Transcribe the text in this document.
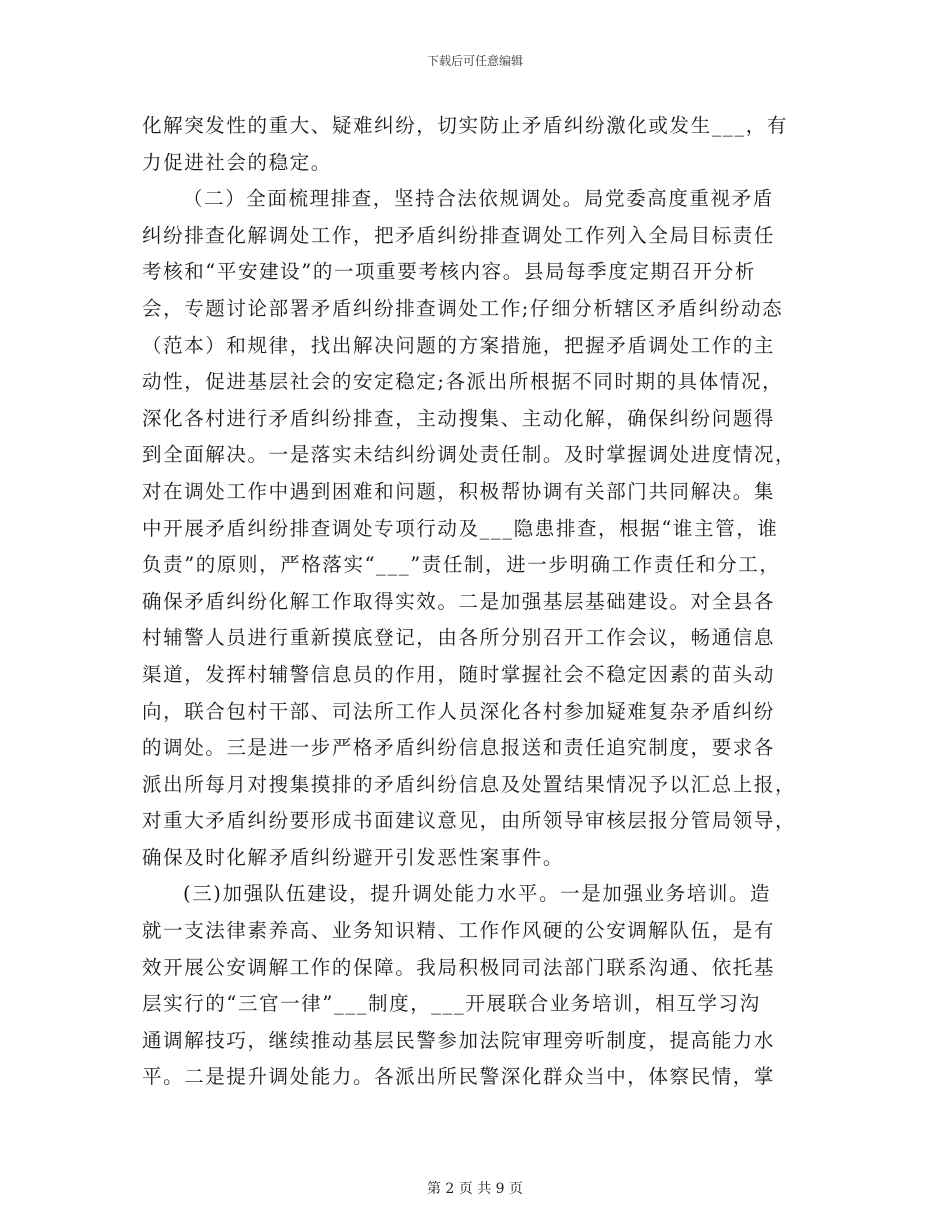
下载后可任意编辑
化解突发性的重大、疑难纠纷，切实防止矛盾纠纷激化或发生___，有
力促进社会的稳定。
（二）全面梳理排查，坚持合法依规调处。局党委高度重视矛盾
纠纷排查化解调处工作，把矛盾纠纷排查调处工作列入全局目标责任
考核和“平安建设”的一项重要考核内容。县局每季度定期召开分析
会，专题讨论部署矛盾纠纷排查调处工作;仔细分析辖区矛盾纠纷动态
（范本）和规律，找出解决问题的方案措施，把握矛盾调处工作的主
动性，促进基层社会的安定稳定;各派出所根据不同时期的具体情况，
深化各村进行矛盾纠纷排查，主动搜集、主动化解，确保纠纷问题得
到全面解决。一是落实未结纠纷调处责任制。及时掌握调处进度情况，
对在调处工作中遇到困难和问题，积极帮协调有关部门共同解决。集
中开展矛盾纠纷排查调处专项行动及___隐患排查，根据“谁主管，谁
负责”的原则，严格落实“___”责任制，进一步明确工作责任和分工，
确保矛盾纠纷化解工作取得实效。二是加强基层基础建设。对全县各
村辅警人员进行重新摸底登记，由各所分别召开工作会议，畅通信息
渠道，发挥村辅警信息员的作用，随时掌握社会不稳定因素的苗头动
向，联合包村干部、司法所工作人员深化各村参加疑难复杂矛盾纠纷
的调处。三是进一步严格矛盾纠纷信息报送和责任追究制度，要求各
派出所每月对搜集摸排的矛盾纠纷信息及处置结果情况予以汇总上报，
对重大矛盾纠纷要形成书面建议意见，由所领导审核层报分管局领导，
确保及时化解矛盾纠纷避开引发恶性案事件。
(三)加强队伍建设，提升调处能力水平。一是加强业务培训。造
就一支法律素养高、业务知识精、工作作风硬的公安调解队伍，是有
效开展公安调解工作的保障。我局积极同司法部门联系沟通、依托基
层实行的“三官一律”___制度，___开展联合业务培训，相互学习沟
通调解技巧，继续推动基层民警参加法院审理旁听制度，提高能力水
平。二是提升调处能力。各派出所民警深化群众当中，体察民情，掌
第 2 页 共 9 页
